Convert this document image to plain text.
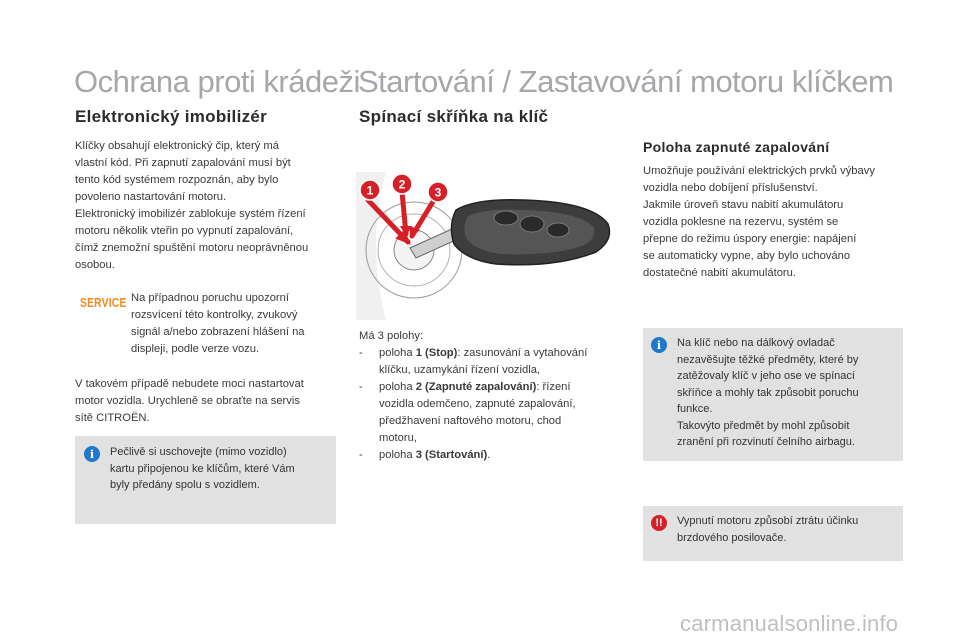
Ochrana proti krádeži
Elektronický imobilizér

Klíčky obsahují elektronický čip, který má

vlastní kód. Při zapnutí zapalování musí být

tento kód systémem rozpoznán, aby bylo

povoleno nastartování motoru.

Elektronický imobilizér zablokuje systém řízení

motoru několik vteřin po vypnutí zapalování,

čímž znemožní spuštění motoru neoprávněnou

osobou.

SERVICE Na případnou poruchu upozorní

rozsvícení této kontrolky, zvukový

signál a/nebo zobrazení hlášení na

displeji, podle verze vozu.

V takovém případě nebudete moci nastartovat

motor vozidla. Urychleně se obraťte na servis

sítě CITROËN.

i	Pečlivě si uschovejte (mimo vozidlo)

kartu připojenou ke klíčům, které Vám

byly předány spolu s vozidlem.

Startování / Zastavování motoru klíčkem
Spínací skříňka na klíč
1 2
3

Má 3 polohy:

-	poloha 1 (Stop): zasunování a vytahování
klíčku, uzamykání řízení vozidla,
-	poloha 2 (Zapnuté zapalování): řízení
vozidla odemčeno, zapnuté zapalování,
předžhavení naftového motoru, chod
motoru,
-	poloha 3 (Startování).
Poloha zapnuté zapalování

Umožňuje používání elektrických prvků výbavy

vozidla nebo dobíjení příslušenství.

Jakmile úroveň stavu nabití akumulátoru

vozidla poklesne na rezervu, systém se

přepne do režimu úspory energie: napájení

se automaticky vypne, aby bylo uchováno

dostatečné nabití akumulátoru.

i	Na klíč nebo na dálkový ovladač

nezavěšujte těžké předměty, které by

zatěžovaly klíč v jeho ose ve spínací

skříňce a mohly tak způsobit poruchu

funkce.

Takovýto předmět by mohl způsobit

zranění při rozvinutí čelního airbagu.

!!	Vypnutí motoru způsobí ztrátu účinku

brzdového posilovače.

carmanualsonline.info
